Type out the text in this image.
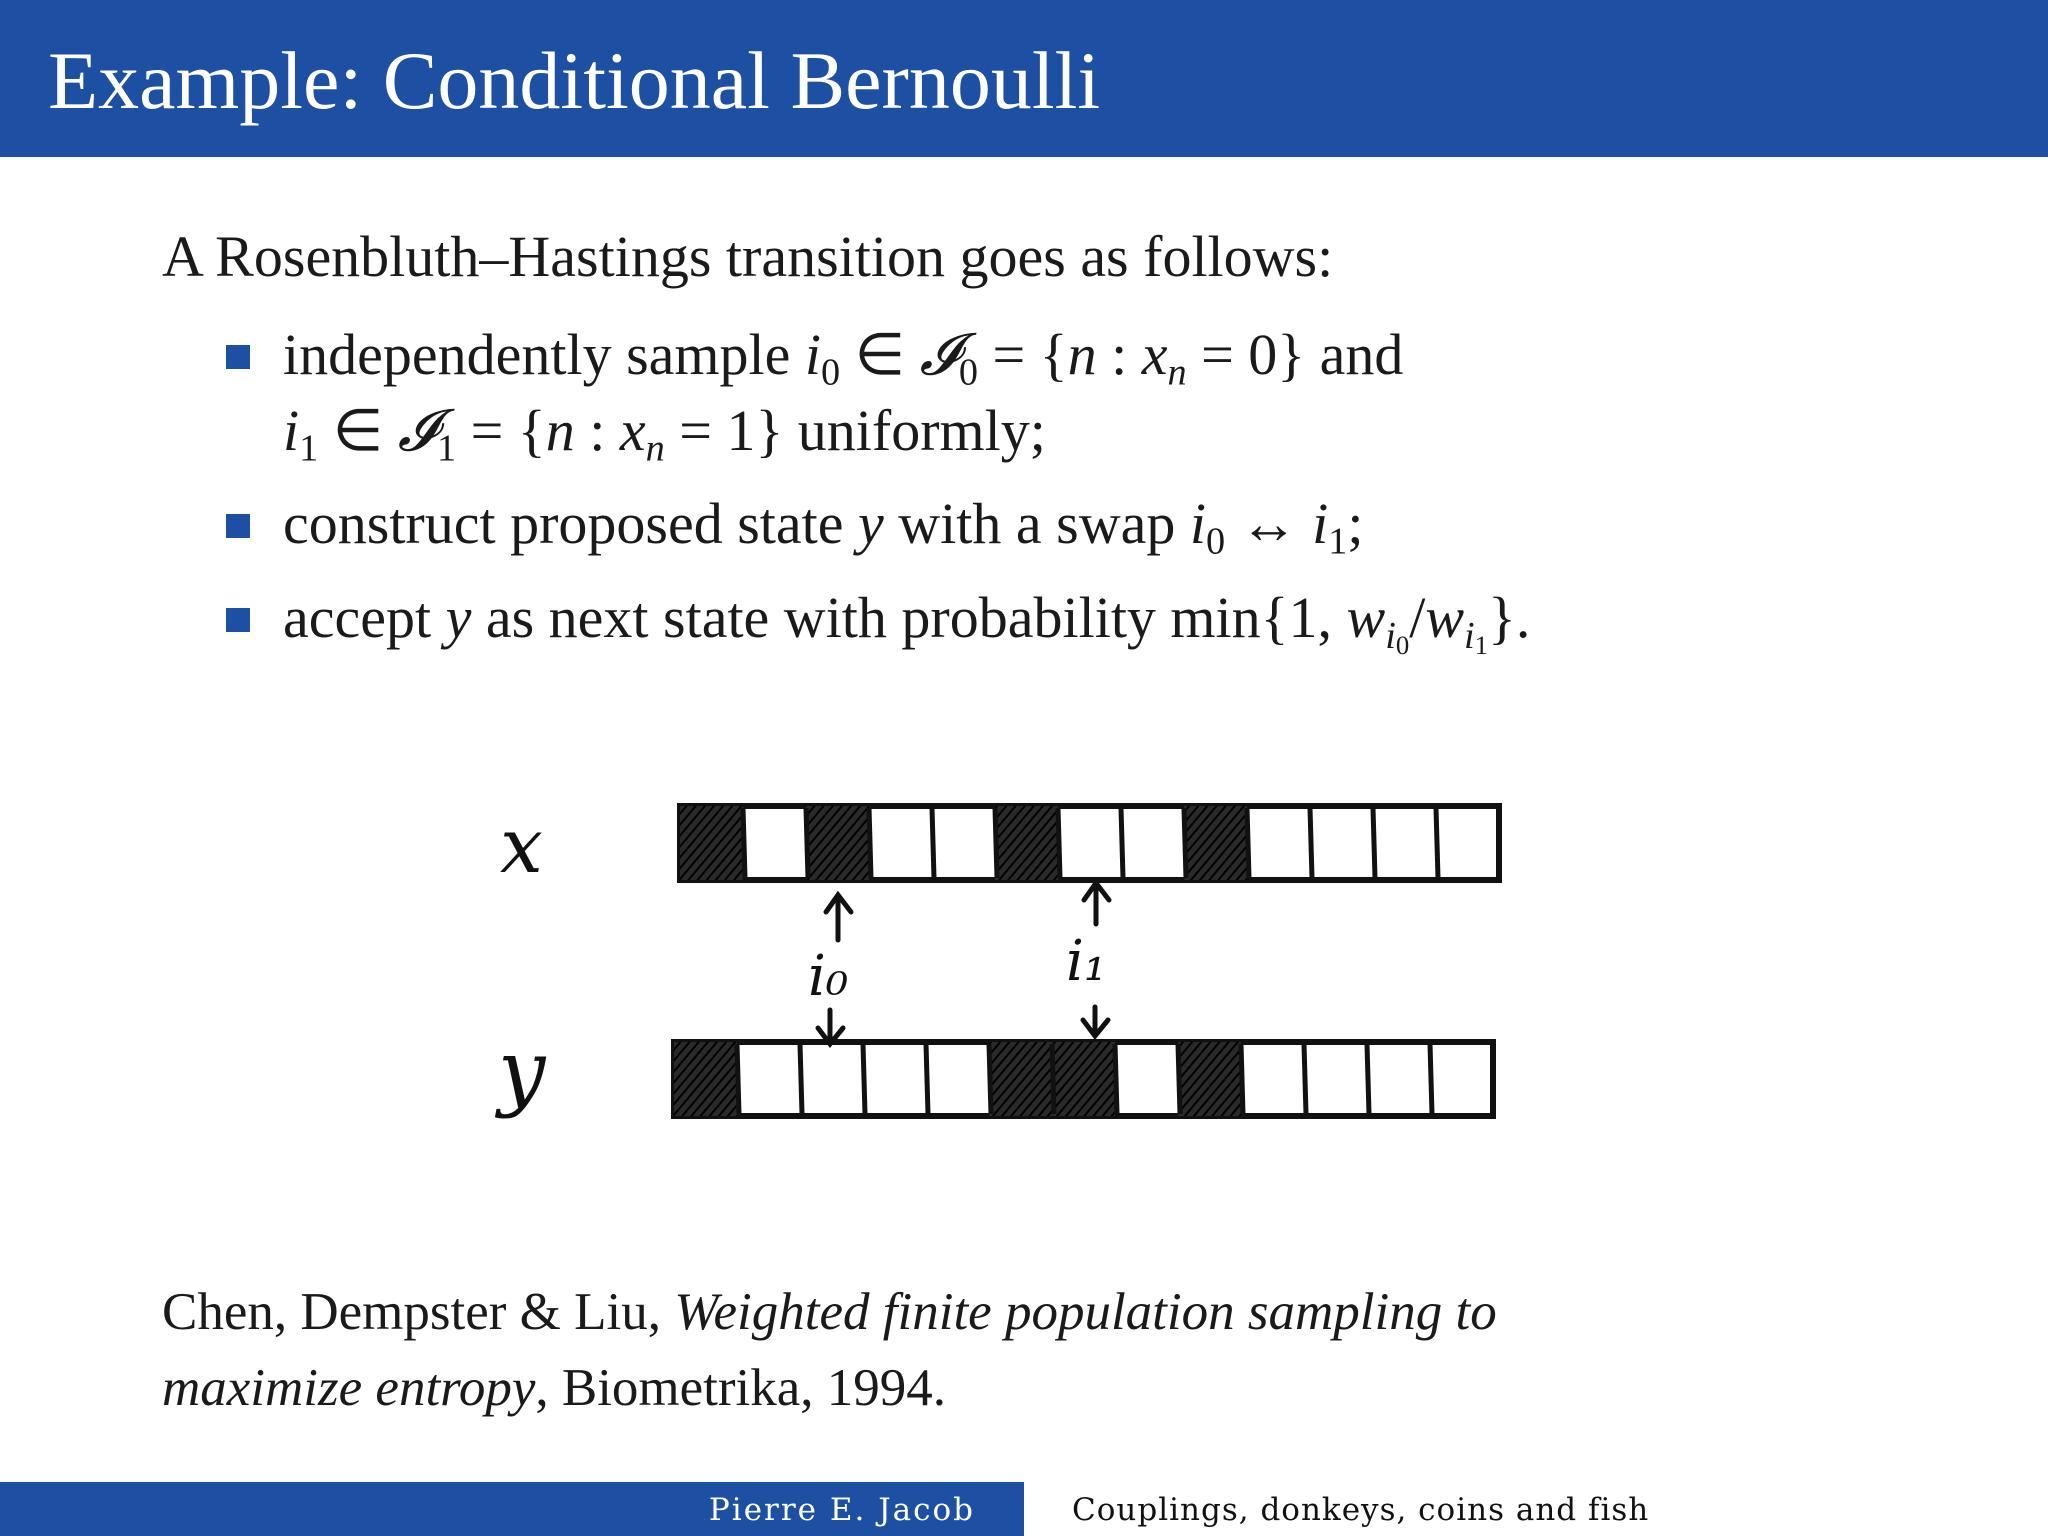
Example: Conditional Bernoulli
A Rosenbluth–Hastings transition goes as follows:
independently sample $i_0$ ∈ 𝓘$_0$ = {n : $x_n = 0$} and
$i_1$ ∈ 𝓘$_1$ = {n : $x_n = 1$} uniformly;
construct proposed state y with a swap $i_0$ ↔ $i_1$;
accept y as next state with probability min{1, $w_{i0}/w_{i1}$}.
x
y
i₀	i₁
Chen, Dempster & Liu, Weighted finite population sampling to
maximize entropy, Biometrika, 1994.
Pierre E. Jacob	Couplings, donkeys, coins and fish
